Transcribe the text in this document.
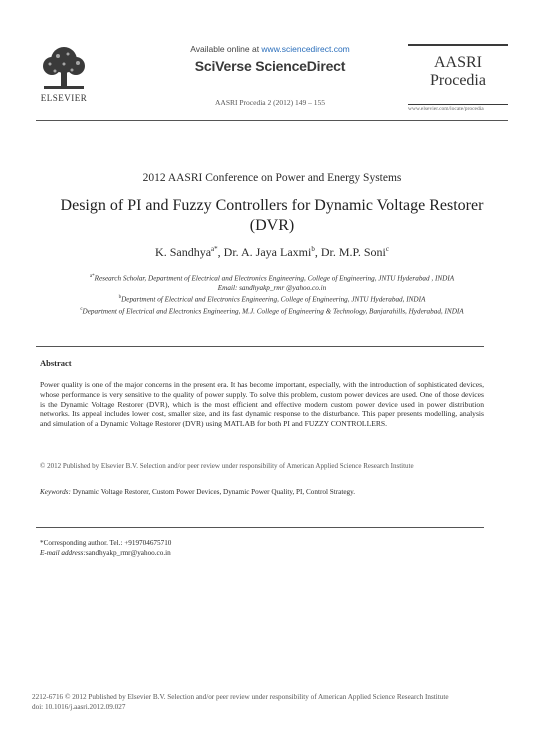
ELSEVIER
Available online at www.sciencedirect.com
SciVerse ScienceDirect
AASRI Procedia 2 (2012) 149 – 155
AASRI
Procedia
www.elsevier.com/locate/procedia
2012 AASRI Conference on Power and Energy Systems
Design of PI and Fuzzy Controllers for Dynamic Voltage Restorer (DVR)
K. Sandhya$^{a*}$, Dr. A. Jaya Laxmi$^b$, Dr. M.P. Soni$^c$
$^{a*}$Research Scholar, Department of Electrical and Electronics Engineering, College of Engineering, JNTU Hyderabad , INDIA
Email: sandhyakp_rmr @yahoo.co.in
$^b$Department of Electrical and Electronics Engineering, College of Engineering, JNTU Hyderabad, INDIA
$^c$Department of Electrical and Electronics Engineering, M.J. College of Engineering & Technology, Banjarahills, Hyderabad, INDIA
Abstract
Power quality is one of the major concerns in the present era. It has become important, especially, with the introduction of sophisticated devices, whose performance is very sensitive to the quality of power supply. To solve this problem, custom power devices are used. One of those devices is the Dynamic Voltage Restorer (DVR), which is the most efficient and effective modern custom power device used in power distribution networks. Its appeal includes lower cost, smaller size, and its fast dynamic response to the disturbance. This paper presents modelling, analysis and simulation of a Dynamic Voltage Restorer (DVR) using MATLAB for both PI and FUZZY CONTROLLERS.
© 2012 Published by Elsevier B.V. Selection and/or peer review under responsibility of American Applied Science Research Institute
Keywords: Dynamic Voltage Restorer, Custom Power Devices, Dynamic Power Quality, PI, Control Strategy.
*Corresponding author. Tel.: +919704675710
E-mail address:sandhyakp_rmr@yahoo.co.in
2212-6716 © 2012 Published by Elsevier B.V. Selection and/or peer review under responsibility of American Applied Science Research Institute
doi: 10.1016/j.aasri.2012.09.027
